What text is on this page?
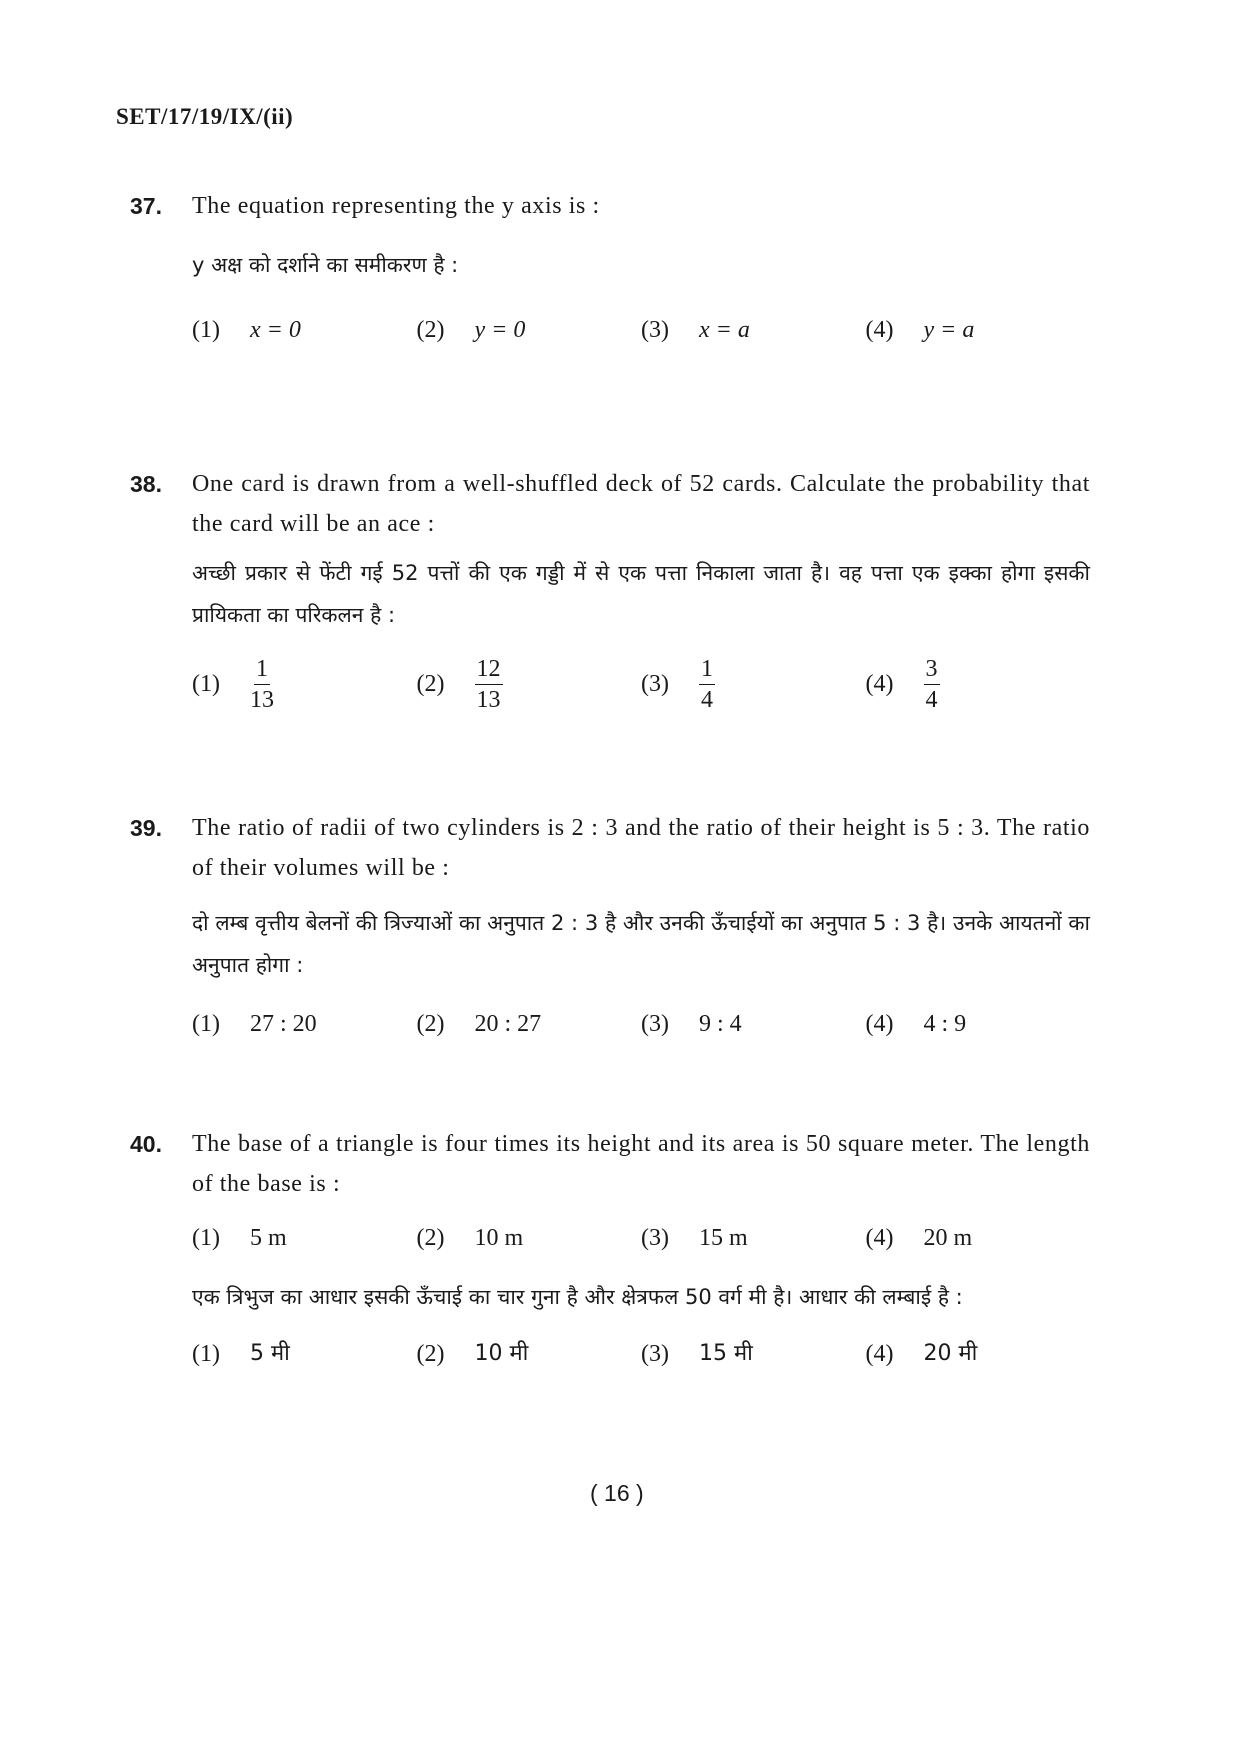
SET/17/19/IX/(ii)
37. The equation representing the y axis is :
y अक्ष को दर्शाने का समीकरण है :
(1)	x = 0	(2)	y = 0	(3)	x = a	(4)	y = a
38. One card is drawn from a well-shuffled deck of 52 cards. Calculate the probability that the card will be an ace :
अच्छी प्रकार से फेंटी गई 52 पत्तों की एक गड्डी में से एक पत्ता निकाला जाता है। वह पत्ता एक इक्का होगा इसकी प्रायिकता का परिकलन है :
(1)	$\frac{1}{13}$	(2)	$\frac{12}{13}$	(3)	$\frac{1}{4}$	(4)	$\frac{3}{4}$
39. The ratio of radii of two cylinders is 2 : 3 and the ratio of their height is 5 : 3. The ratio of their volumes will be :
दो लम्ब वृत्तीय बेलनों की त्रिज्याओं का अनुपात 2 : 3 है और उनकी ऊँचाईयों का अनुपात 5 : 3 है। उनके आयतनों का अनुपात होगा :
(1)	27 : 20	(2)	20 : 27	(3)	9 : 4	(4)	4 : 9
40. The base of a triangle is four times its height and its area is 50 square meter. The length of the base is :
(1)	5 m	(2)	10 m	(3)	15 m	(4)	20 m
एक त्रिभुज का आधार इसकी ऊँचाई का चार गुना है और क्षेत्रफल 50 वर्ग मी है। आधार की लम्बाई है :
(1)	5 मी	(2)	10 मी	(3)	15 मी	(4)	20 मी
( 16 )
